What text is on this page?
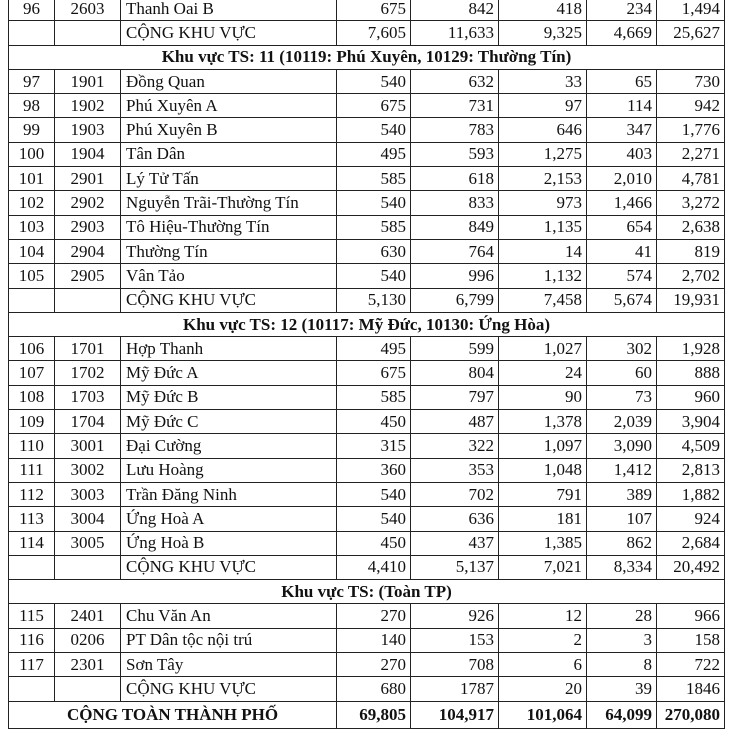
96	2603	Thanh Oai B	675	842	418	234	1,494
		CỘNG KHU VỰC	7,605	11,633	9,325	4,669	25,627
Khu vực TS: 11 (10119: Phú Xuyên, 10129: Thường Tín)							
97	1901	Đồng Quan	540	632	33	65	730
98	1902	Phú Xuyên A	675	731	97	114	942
99	1903	Phú Xuyên B	540	783	646	347	1,776
100	1904	Tân Dân	495	593	1,275	403	2,271
101	2901	Lý Tử Tấn	585	618	2,153	2,010	4,781
102	2902	Nguyễn Trãi-Thường Tín	540	833	973	1,466	3,272
103	2903	Tô Hiệu-Thường Tín	585	849	1,135	654	2,638
104	2904	Thường Tín	630	764	14	41	819
105	2905	Vân Tảo	540	996	1,132	574	2,702
		CỘNG KHU VỰC	5,130	6,799	7,458	5,674	19,931
Khu vực TS: 12 (10117: Mỹ Đức, 10130: Ứng Hòa)							
106	1701	Hợp Thanh	495	599	1,027	302	1,928
107	1702	Mỹ Đức A	675	804	24	60	888
108	1703	Mỹ Đức B	585	797	90	73	960
109	1704	Mỹ Đức C	450	487	1,378	2,039	3,904
110	3001	Đại Cường	315	322	1,097	3,090	4,509
111	3002	Lưu Hoàng	360	353	1,048	1,412	2,813
112	3003	Trần Đăng Ninh	540	702	791	389	1,882
113	3004	Ứng Hoà A	540	636	181	107	924
114	3005	Ứng Hoà B	450	437	1,385	862	2,684
		CỘNG KHU VỰC	4,410	5,137	7,021	8,334	20,492
Khu vực TS: (Toàn TP)							
115	2401	Chu Văn An	270	926	12	28	966
116	0206	PT Dân tộc nội trú	140	153	2	3	158
117	2301	Sơn Tây	270	708	6	8	722
		CỘNG KHU VỰC	680	1787	20	39	1846
CỘNG TOÀN THÀNH PHỐ			69,805	104,917	101,064	64,099	270,080
